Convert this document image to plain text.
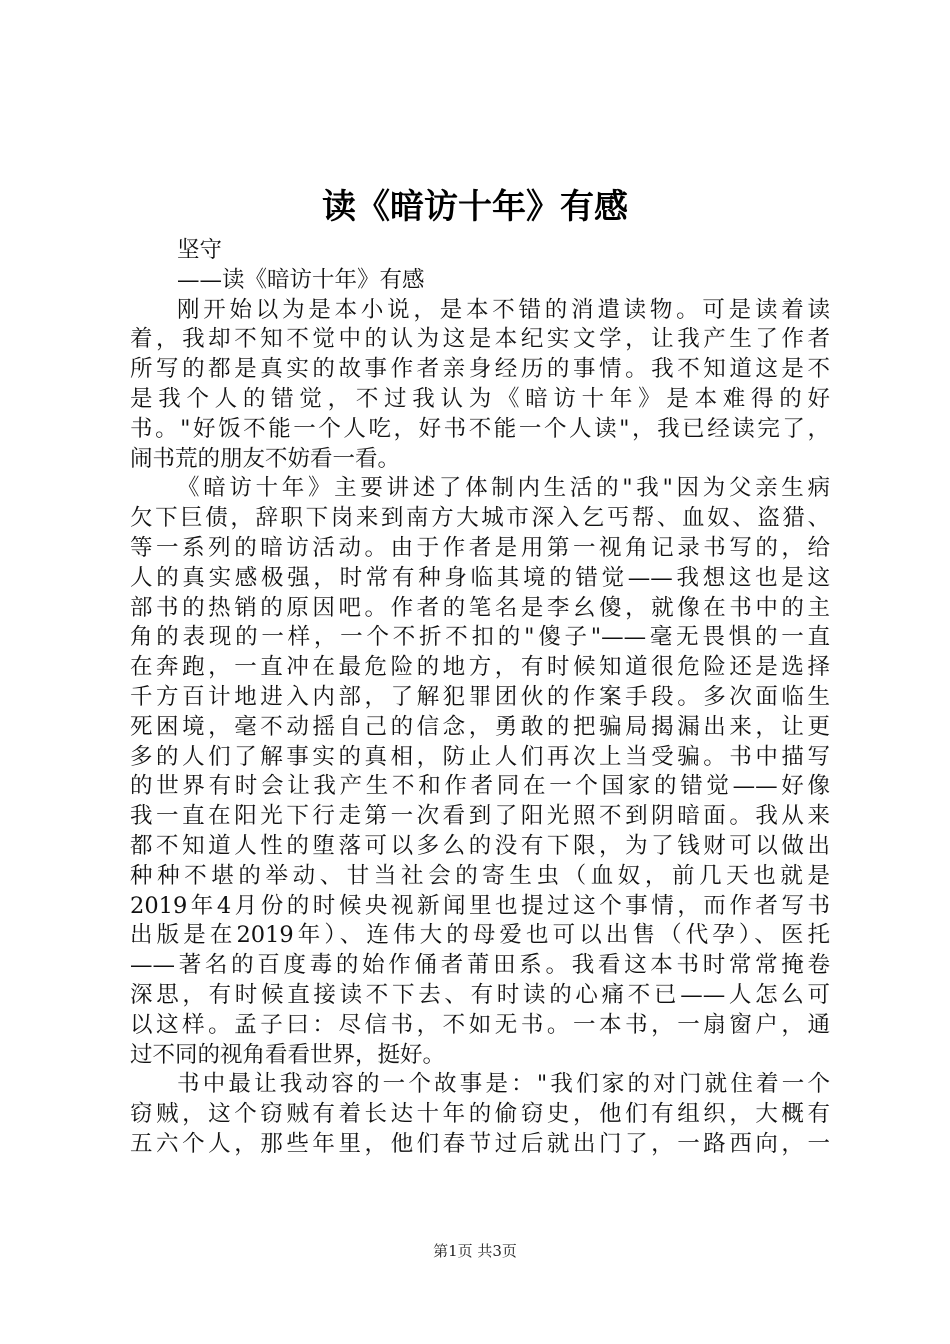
读《暗访十年》有感
坚守
——读《暗访十年》有感
刚开始以为是本小说，是本不错的消遣读物。可是读着读
着，我却不知不觉中的认为这是本纪实文学，让我产生了作者
所写的都是真实的故事作者亲身经历的事情。我不知道这是不
是我个人的错觉，不过我认为《暗访十年》是本难得的好
书。"好饭不能一个人吃，好书不能一个人读"，我已经读完了，
闹书荒的朋友不妨看一看。
《暗访十年》主要讲述了体制内生活的"我"因为父亲生病
欠下巨债，辞职下岗来到南方大城市深入乞丐帮、血奴、盗猎、
等一系列的暗访活动。由于作者是用第一视角记录书写的，给
人的真实感极强，时常有种身临其境的错觉——我想这也是这
部书的热销的原因吧。作者的笔名是李幺傻，就像在书中的主
角的表现的一样，一个不折不扣的"傻子"——毫无畏惧的一直
在奔跑，一直冲在最危险的地方，有时候知道很危险还是选择
千方百计地进入内部，了解犯罪团伙的作案手段。多次面临生
死困境，毫不动摇自己的信念，勇敢的把骗局揭漏出来，让更
多的人们了解事实的真相，防止人们再次上当受骗。书中描写
的世界有时会让我产生不和作者同在一个国家的错觉——好像
我一直在阳光下行走第一次看到了阳光照不到阴暗面。我从来
都不知道人性的堕落可以多么的没有下限，为了钱财可以做出
种种不堪的举动、甘当社会的寄生虫（血奴，前几天也就是
2019年4月份的时候央视新闻里也提过这个事情，而作者写书
出版是在2019年）、连伟大的母爱也可以出售（代孕）、医托
——著名的百度毒的始作俑者莆田系。我看这本书时常常掩卷
深思，有时候直接读不下去、有时读的心痛不已——人怎么可
以这样。孟子曰：尽信书，不如无书。一本书，一扇窗户，通
过不同的视角看看世界，挺好。
书中最让我动容的一个故事是："我们家的对门就住着一个
窃贼，这个窃贼有着长达十年的偷窃史，他们有组织，大概有
五六个人，那些年里，他们春节过后就出门了，一路西向，一
第1页 共3页
